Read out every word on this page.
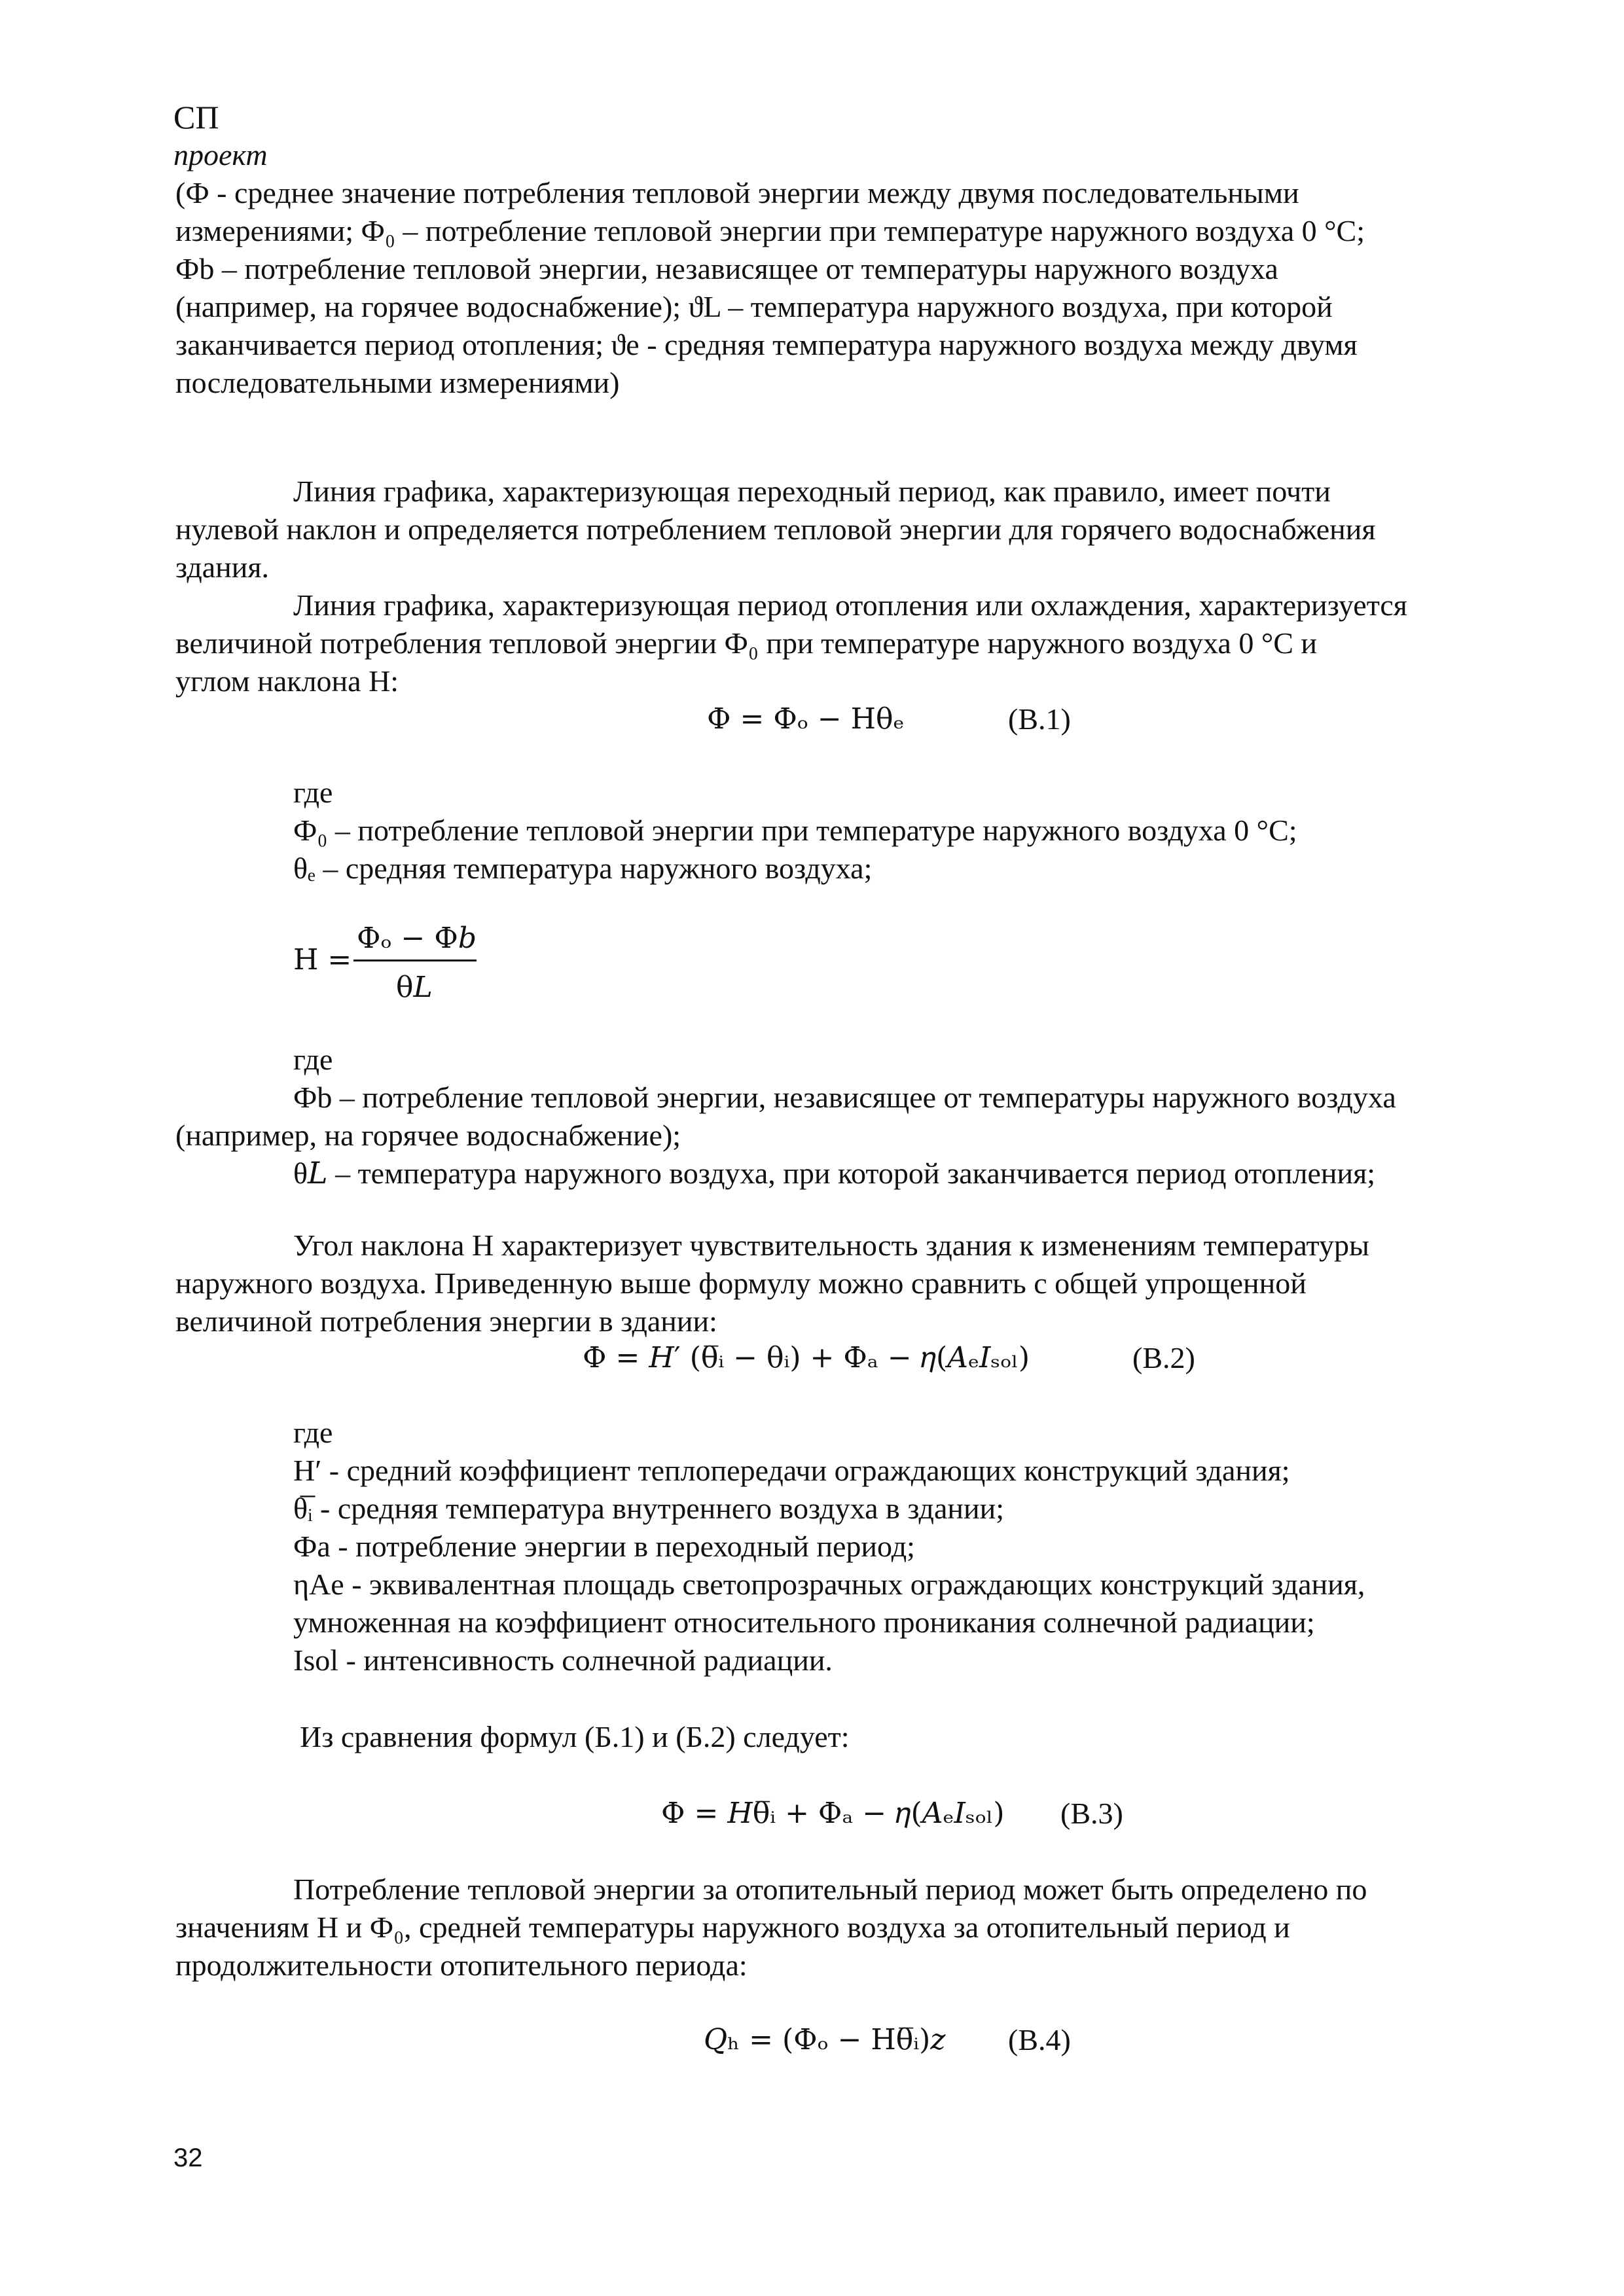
СП
проект
(Ф - среднее значение потребления тепловой энергии между двумя последовательными
измерениями; Ф₀ – потребление тепловой энергии при температуре наружного воздуха 0 °С;
Фb – потребление тепловой энергии, независящее от температуры наружного воздуха
(например, на горячее водоснабжение); ϑL – температура наружного воздуха, при которой
заканчивается период отопления; ϑe - средняя температура наружного воздуха между двумя
последовательными измерениями)
Линия графика, характеризующая переходный период, как правило, имеет почти
нулевой наклон и определяется потреблением тепловой энергии для горячего водоснабжения
здания.
Линия графика, характеризующая период отопления или охлаждения, характеризуется
величиной потребления тепловой энергии Ф₀ при температуре наружного воздуха 0 °С и
углом наклона Н:
Ф = Фₒ − Нθₑ	(В.1)
где
Ф₀ – потребление тепловой энергии при температуре наружного воздуха 0 °С;
θₑ – средняя температура наружного воздуха;
Н =
Фₒ − Ф𝑏
θ𝐿
где
Фb – потребление тепловой энергии, независящее от температуры наружного воздуха
(например, на горячее водоснабжение);
θ𝐿 – температура наружного воздуха, при которой заканчивается период отопления;
Угол наклона Н характеризует чувствительность здания к изменениям температуры
наружного воздуха. Приведенную выше формулу можно сравнить с общей упрощенной
величиной потребления энергии в здании:
Ф = 𝐻′ (θ̅ᵢ − θᵢ) + Фₐ − 𝜂(𝐴ₑ𝐼ₛₒₗ)	(В.2)
где
Н′ - средний коэффициент теплопередачи ограждающих конструкций здания;
θ̅ᵢ - средняя температура внутреннего воздуха в здании;
Фa - потребление энергии в переходный период;
ηAe - эквивалентная площадь светопрозрачных ограждающих конструкций здания,
умноженная на коэффициент относительного проникания солнечной радиации;
Isol - интенсивность солнечной радиации.
Из сравнения формул (Б.1) и (Б.2) следует:
Ф = 𝐻θ̅ᵢ + Фₐ − 𝜂(𝐴ₑ𝐼ₛₒₗ) (В.3)
Потребление тепловой энергии за отопительный период может быть определено по
значениям Н и Ф₀, средней температуры наружного воздуха за отопительный период и
продолжительности отопительного периода:
𝑄ₕ = (Фₒ − Нθ̅ᵢ)𝑧 (В.4)
32
